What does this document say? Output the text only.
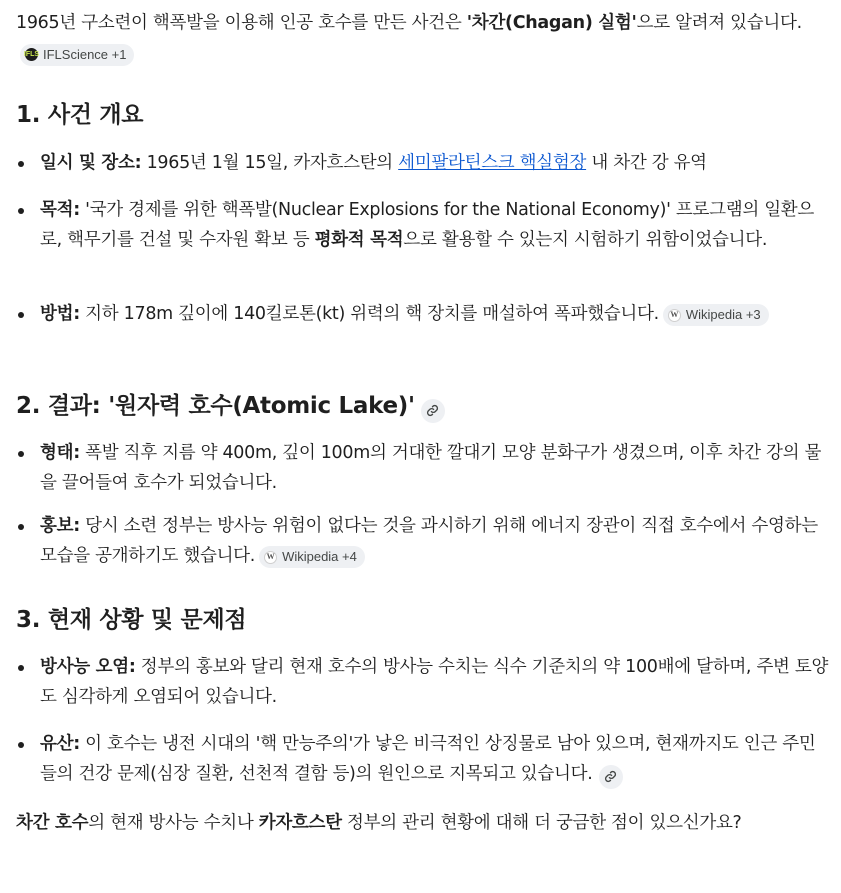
1965년 구소련이 핵폭발을 이용해 인공 호수를 만든 사건은 '차간(Chagan) 실험'으로 알려져 있습니다.
IFLS IFLScience +1

1. 사건 개요
일시 및 장소: 1965년 1월 15일, 카자흐스탄의 세미팔라틴스크 핵실험장 내 차간 강 유역
목적: '국가 경제를 위한 핵폭발(Nuclear Explosions for the National Economy)' 프로그램의 일환으로, 핵무기를 건설 및 수자원 확보 등 평화적 목적으로 활용할 수 있는지 시험하기 위함이었습니다.
방법: 지하 178m 깊이에 140킬로톤(kt) 위력의 핵 장치를 매설하여 폭파했습니다.	W Wikipedia +3
2. 결과: '원자력 호수(Atomic Lake)'
형태: 폭발 직후 지름 약 400m, 깊이 100m의 거대한 깔대기 모양 분화구가 생겼으며, 이후 차간 강의 물을 끌어들여 호수가 되었습니다.
홍보: 당시 소련 정부는 방사능 위험이 없다는 것을 과시하기 위해 에너지 장관이 직접 호수에서 수영하는 모습을 공개하기도 했습니다.	W Wikipedia +4
3. 현재 상황 및 문제점
방사능 오염: 정부의 홍보와 달리 현재 호수의 방사능 수치는 식수 기준치의 약 100배에 달하며, 주변 토양도 심각하게 오염되어 있습니다.
유산: 이 호수는 냉전 시대의 '핵 만능주의'가 낳은 비극적인 상징물로 남아 있으며, 현재까지도 인근 주민들의 건강 문제(심장 질환, 선천적 결함 등)의 원인으로 지목되고 있습니다.

차간 호수의 현재 방사능 수치나 카자흐스탄 정부의 관리 현황에 대해 더 궁금한 점이 있으신가요?
